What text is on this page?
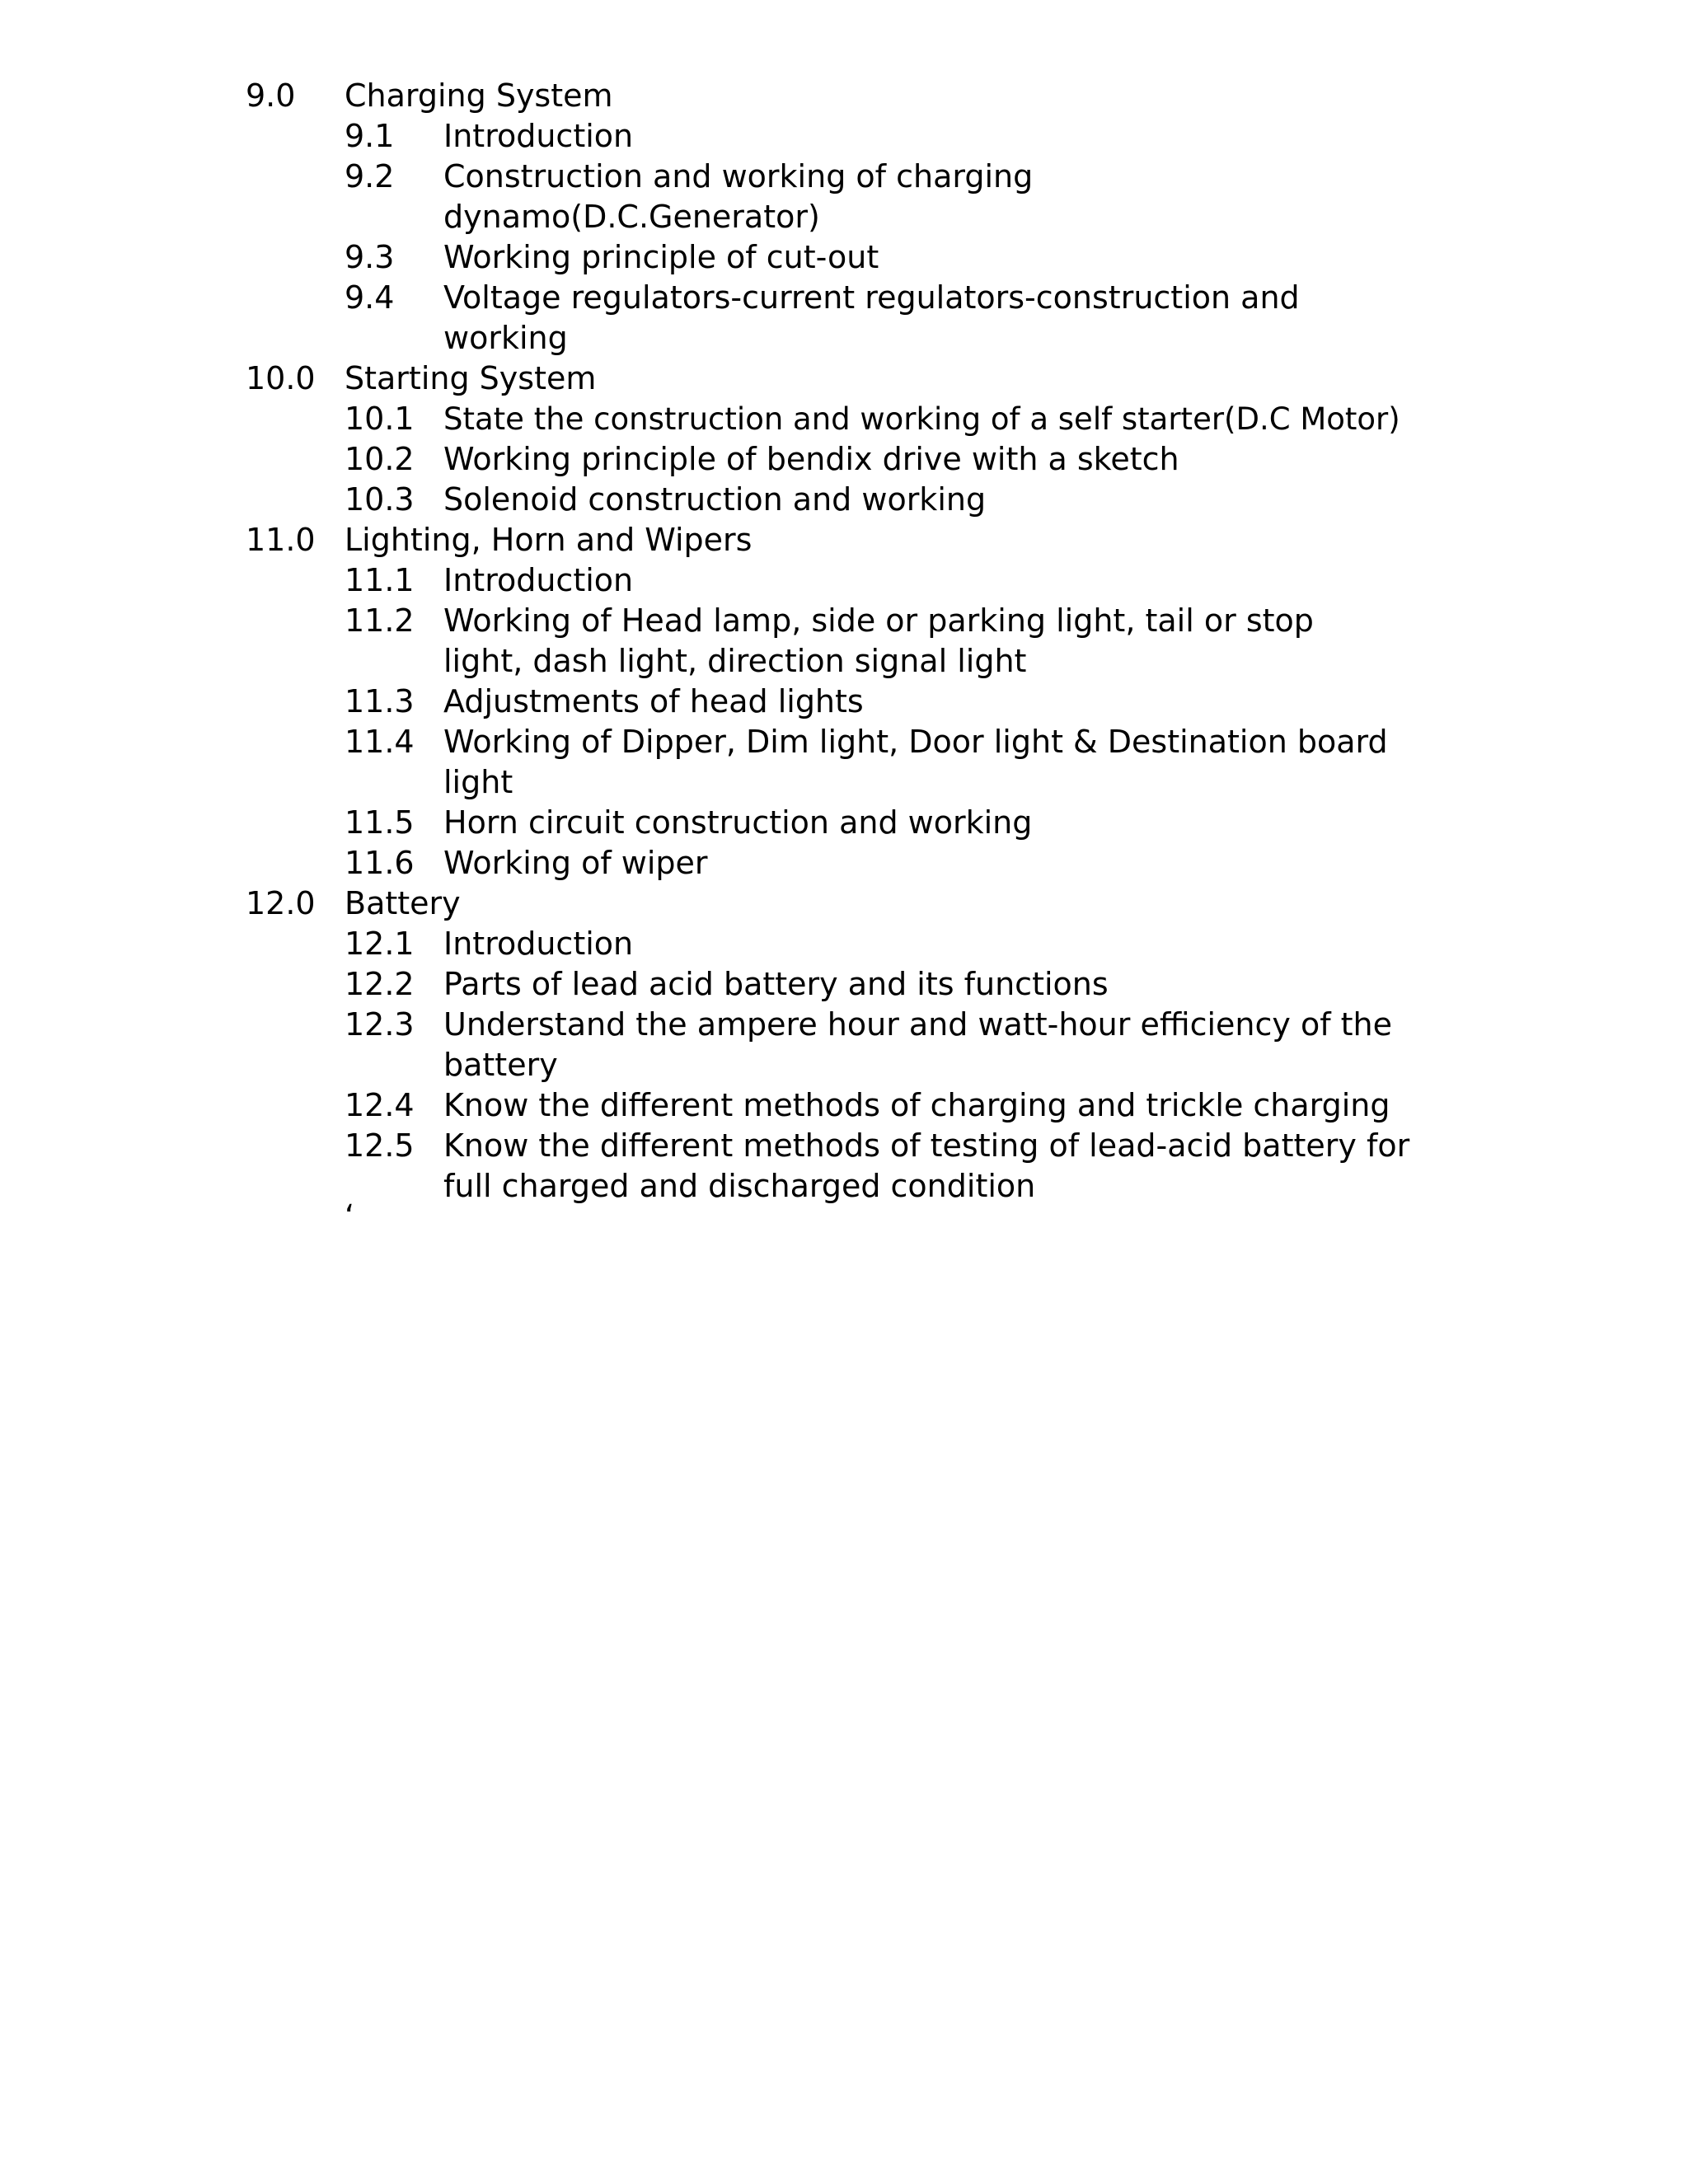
9.0	Charging System
9.1	Introduction
9.2	Construction and working of charging dynamo(D.C.Generator)
9.3	Working principle of cut-out
9.4	Voltage regulators-current regulators-construction and working
10.0 Starting System
10.1 State the construction and working of a self starter(D.C Motor)
10.2 Working principle of bendix drive with a sketch
10.3 Solenoid construction and working
11.0 Lighting, Horn and Wipers
11.1 Introduction
11.2 Working of Head lamp, side or parking light, tail or stop light, dash light, direction signal light
11.3 Adjustments of head lights
11.4 Working of Dipper, Dim light, Door light & Destination board light
11.5 Horn circuit construction and working
11.6 Working of wiper
12.0 Battery
12.1 Introduction
12.2 Parts of lead acid battery and its functions
12.3 Understand the ampere hour and watt-hour efficiency of the battery
12.4 Know the different methods of charging and trickle charging
12.5 Know the different methods of testing of lead-acid battery for full charged and discharged condition
‘
